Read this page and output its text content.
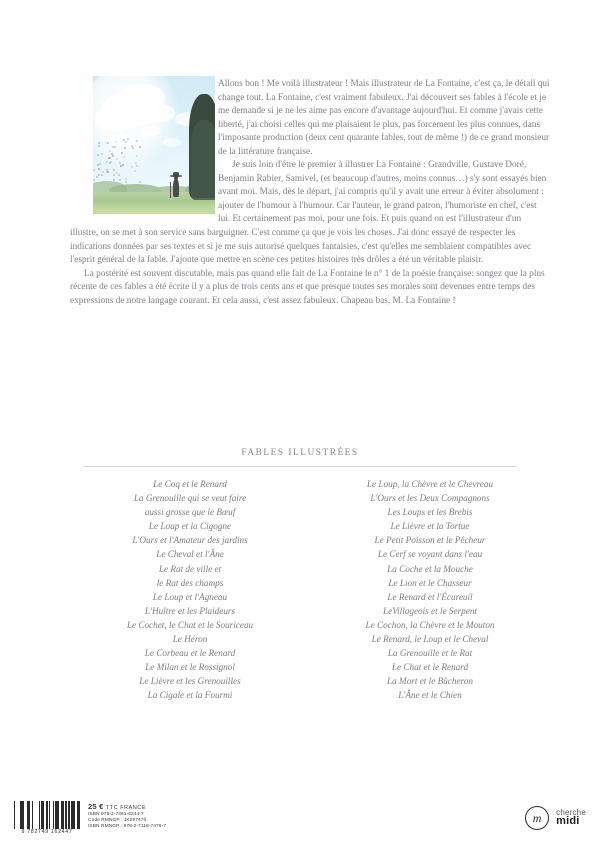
Allons bon ! Me voilà illustrateur ! Mais illustrateur de La Fontaine, c'est ça, le détail qui change tout. La Fontaine, c'est vraiment fabuleux. J'ai découvert ses fables à l'école et je me demande si je ne les aime pas encore d'avantage aujourd'hui. Et comme j'avais cette liberté, j'ai choisi celles qui me plaisaient le plus, pas forcement les plus connues, dans l'imposante production (deux cent quarante fables, tout de même !) de ce grand monsieur de la littérature française.

Je suis loin d'être le premier à illustrer La Fontaine : Grandville, Gustave Doré, Benjamin Rabier, Samivel, (et beaucoup d'autres, moins connus…) s'y sont essayés bien avant moi. Mais, dès le départ, j'ai compris qu'il y avait une erreur à éviter absolument : ajouter de l'humour à l'humour. Car l'auteur, le grand patron, l'humoriste en chef, c'est lui. Et certainement pas moi, pour une fois. Et puis quand on est l'illustrateur d'un illustre, on se met à son service sans barguigner. C'est comme ça que je vois les choses. J'ai donc essayé de respecter les indications données par ses textes et si je me suis autorisé quelques fantaisies, c'est qu'elles me semblaient compatibles avec l'esprit général de la fable. J'ajoute que mettre en scène ces petites histoires très drôles a été un véritable plaisir.

La postérité est souvent discutable, mais pas quand elle fait de La Fontaine le n° 1 de la poésie française: songez que la plus récente de ces fables a été écrite il y a plus de trois cents ans et que presque toutes ses morales sont devenues entre temps des expressions de notre langage courant. Et cela aussi, c'est assez fabuleux. Chapeau bas, M. La Fontaine !

FABLES ILLUSTRÉES
Le Coq et le Renard
La Grenouille qui se veut faire
aussi grosse que le Bœuf
Le Loup et la Cigogne
L'Ours et l'Amateur des jardins
Le Cheval et l'Âne
Le Rat de ville et
le Rat des champs
Le Loup et l'Agneau
L'Huître et les Plaideurs
Le Cochet, le Chat et le Souriceau
Le Héron
Le Corbeau et le Renard
Le Milan et le Rossignol
Le Lièvre et les Grenouilles
La Cigale et la Fourmi
Le Loup, la Chèvre et le Chevreau
L'Ours et les Deux Compagnons
Les Loups et les Brebis
Le Lièvre et la Tortue
Le Petit Poisson et le Pêcheur
Le Cerf se voyant dans l'eau
La Coche et la Mouche
Le Lion et le Chasseur
Le Renard et l'Écureuil
LeVillageois et le Serpent
Le Cochon, la Chèvre et le Mouton
Le Renard, le Loup et le Cheval
La Grenouille et le Rat
Le Chat et le Renard
La Mort et le Bûcheron
L'Âne et le Chien
9 782749 162447
25 € TTC FRANCE
ISBN 978-2-7491-6244-7
Code RMNGP : JK29747б
ISBN RMNGP : 978-2-7118-7476-7
m	cherche
midi
